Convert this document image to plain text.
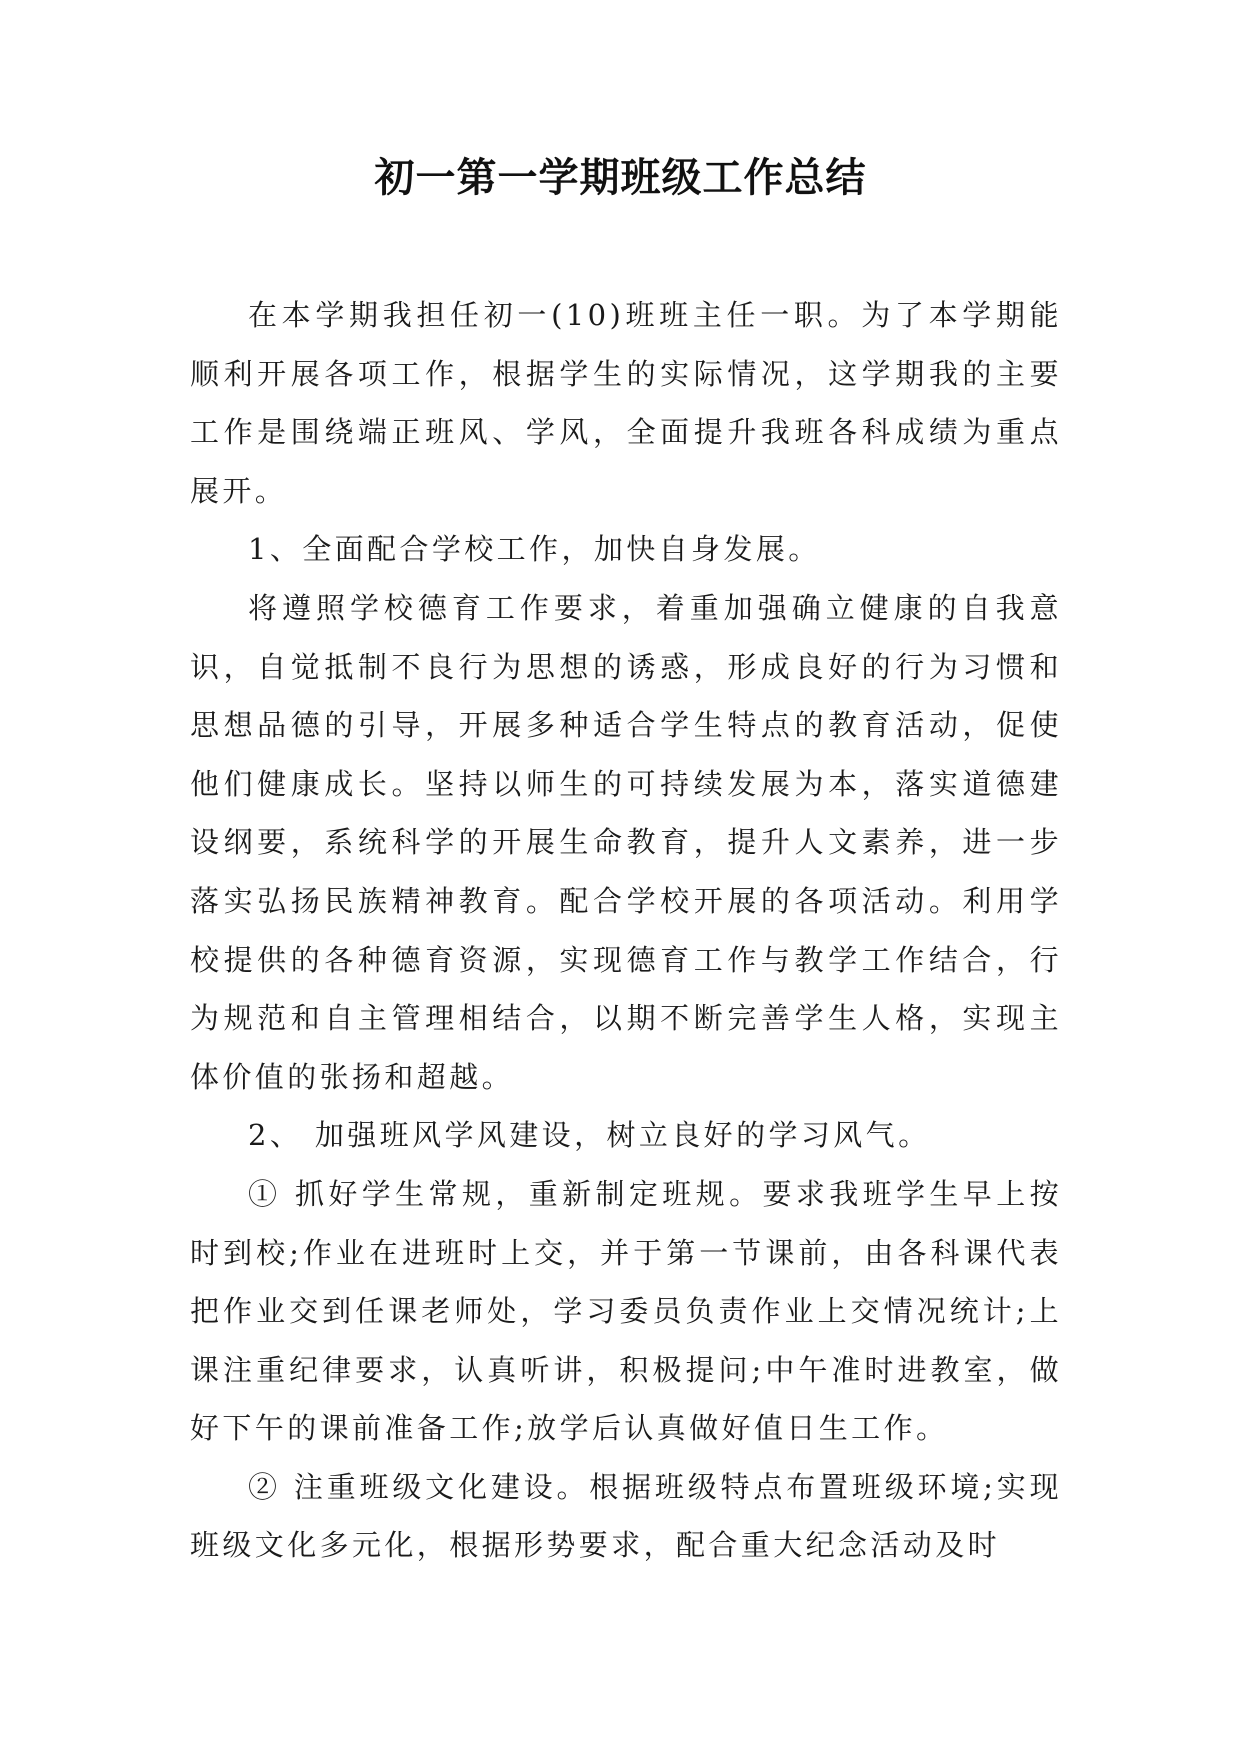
初一第一学期班级工作总结

在本学期我担任初一(10)班班主任一职。为了本学期能顺利开展各项工作，根据学生的实际情况，这学期我的主要工作是围绕端正班风、学风，全面提升我班各科成绩为重点展开。

1、全面配合学校工作，加快自身发展。

将遵照学校德育工作要求，着重加强确立健康的自我意识，自觉抵制不良行为思想的诱惑，形成良好的行为习惯和思想品德的引导，开展多种适合学生特点的教育活动，促使他们健康成长。坚持以师生的可持续发展为本，落实道德建设纲要，系统科学的开展生命教育，提升人文素养，进一步落实弘扬民族精神教育。配合学校开展的各项活动。利用学校提供的各种德育资源，实现德育工作与教学工作结合，行为规范和自主管理相结合，以期不断完善学生人格，实现主体价值的张扬和超越。

2、 加强班风学风建设，树立良好的学习风气。

① 抓好学生常规，重新制定班规。要求我班学生早上按时到校;作业在进班时上交，并于第一节课前，由各科课代表把作业交到任课老师处，学习委员负责作业上交情况统计;上课注重纪律要求，认真听讲，积极提问;中午准时进教室，做好下午的课前准备工作;放学后认真做好值日生工作。

② 注重班级文化建设。根据班级特点布置班级环境;实现班级文化多元化，根据形势要求，配合重大纪念活动及时
